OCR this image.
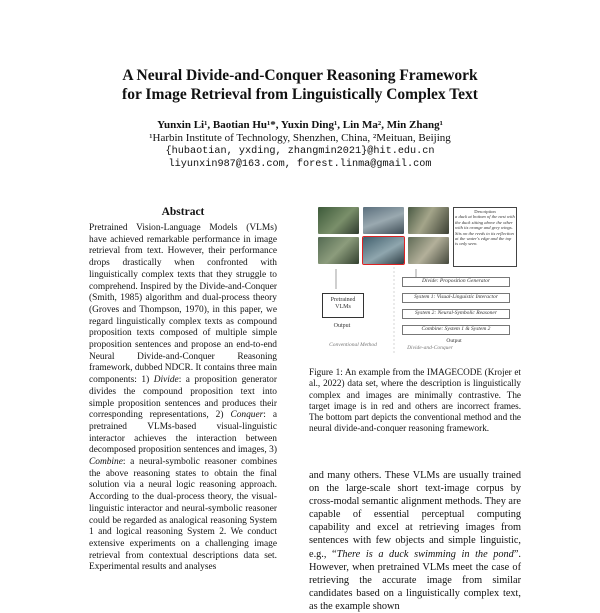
A Neural Divide-and-Conquer Reasoning Framework
for Image Retrieval from Linguistically Complex Text
Yunxin Li¹, Baotian Hu¹*, Yuxin Ding¹, Lin Ma², Min Zhang¹
¹Harbin Institute of Technology, Shenzhen, China, ²Meituan, Beijing
{hubaotian, yxding, zhangmin2021}@hit.edu.cn
liyunxin987@163.com, forest.linma@gmail.com
Abstract
Pretrained Vision-Language Models (VLMs) have achieved remarkable performance in image retrieval from text. However, their performance drops drastically when confronted with linguistically complex texts that they struggle to comprehend. Inspired by the Divide-and-Conquer (Smith, 1985) algorithm and dual-process theory (Groves and Thompson, 1970), in this paper, we regard linguistically complex texts as compound proposition texts composed of multiple simple proposition sentences and propose an end-to-end Neural Divide-and-Conquer Reasoning framework, dubbed NDCR. It contains three main components: 1) Divide: a proposition generator divides the compound proposition text into simple proposition sentences and produces their corresponding representations, 2) Conquer: a pretrained VLMs-based visual-linguistic interactor achieves the interaction between decomposed proposition sentences and images, 3) Combine: a neural-symbolic reasoner combines the above reasoning states to obtain the final solution via a neural logic reasoning approach. According to the dual-process theory, the visual-linguistic interactor and neural-symbolic reasoner could be regarded as analogical reasoning System 1 and logical reasoning System 2. We conduct extensive experiments on a challenging image retrieval from contextual descriptions data set. Experimental results and analyses
Description
a duck at bottom of the nest with the duck sitting above the other with its orange and grey wings. Sits on the reeds to its reflection at the water's edge and the top is only seen.
Pretrained VLMs
Output
Conventional Method
Divide: Proposition Generator
System 1: Visual-Linguistic Interactor
System 2: Neural-Symbolic Reasoner
Combine: System 1 & System 2
Output
Divide-and-Conquer
Figure 1: An example from the IMAGECODE (Krojer et al., 2022) data set, where the description is linguistically complex and images are minimally contrastive. The target image is in red and others are incorrect frames. The bottom part depicts the conventional method and the neural divide-and-conquer reasoning framework.
and many others. These VLMs are usually trained on the large-scale short text-image corpus by cross-modal semantic alignment methods. They are capable of essential perceptual computing capability and excel at retrieving images from sentences with few objects and simple linguistic, e.g., “There is a duck swimming in the pond”. However, when pretrained VLMs meet the case of retrieving the accurate image from similar candidates based on a linguistically complex text, as the example shown
